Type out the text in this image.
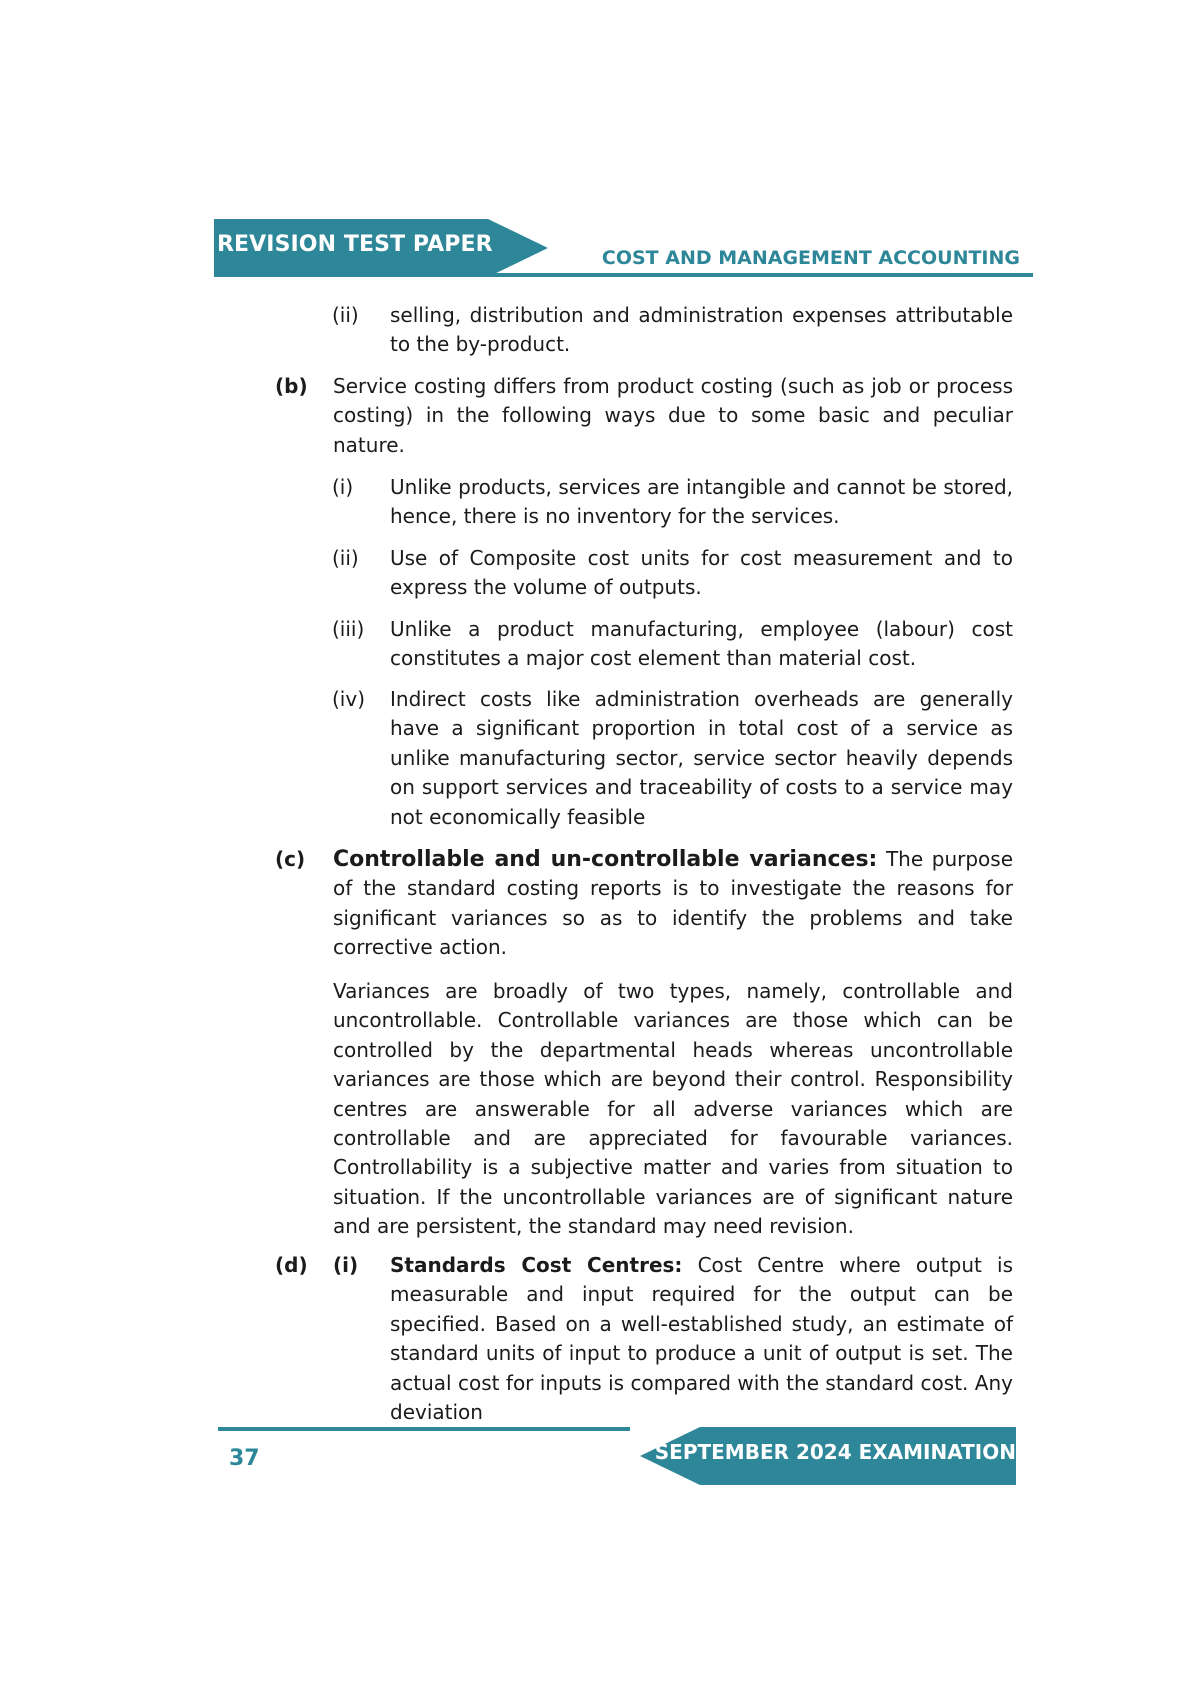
REVISION TEST PAPER
COST AND MANAGEMENT ACCOUNTING
(ii) selling, distribution and administration expenses attributable to the by-product.
(b) Service costing differs from product costing (such as job or process costing) in the following ways due to some basic and peculiar nature.
(i) Unlike products, services are intangible and cannot be stored, hence, there is no inventory for the services.
(ii) Use of Composite cost units for cost measurement and to express the volume of outputs.
(iii) Unlike a product manufacturing, employee (labour) cost constitutes a major cost element than material cost.
(iv) Indirect costs like administration overheads are generally have a significant proportion in total cost of a service as unlike manufacturing sector, service sector heavily depends on support services and traceability of costs to a service may not economically feasible
(c) Controllable and un-controllable variances: The purpose of the standard costing reports is to investigate the reasons for significant variances so as to identify the problems and take corrective action.
Variances are broadly of two types, namely, controllable and uncontrollable. Controllable variances are those which can be controlled by the departmental heads whereas uncontrollable variances are those which are beyond their control. Responsibility centres are answerable for all adverse variances which are controllable and are appreciated for favourable variances. Controllability is a subjective matter and varies from situation to situation. If the uncontrollable variances are of significant nature and are persistent, the standard may need revision.
(d) (i) Standards Cost Centres: Cost Centre where output is measurable and input required for the output can be specified. Based on a well-established study, an estimate of standard units of input to produce a unit of output is set. The actual cost for inputs is compared with the standard cost. Any deviation
SEPTEMBER 2024 EXAMINATION
37
